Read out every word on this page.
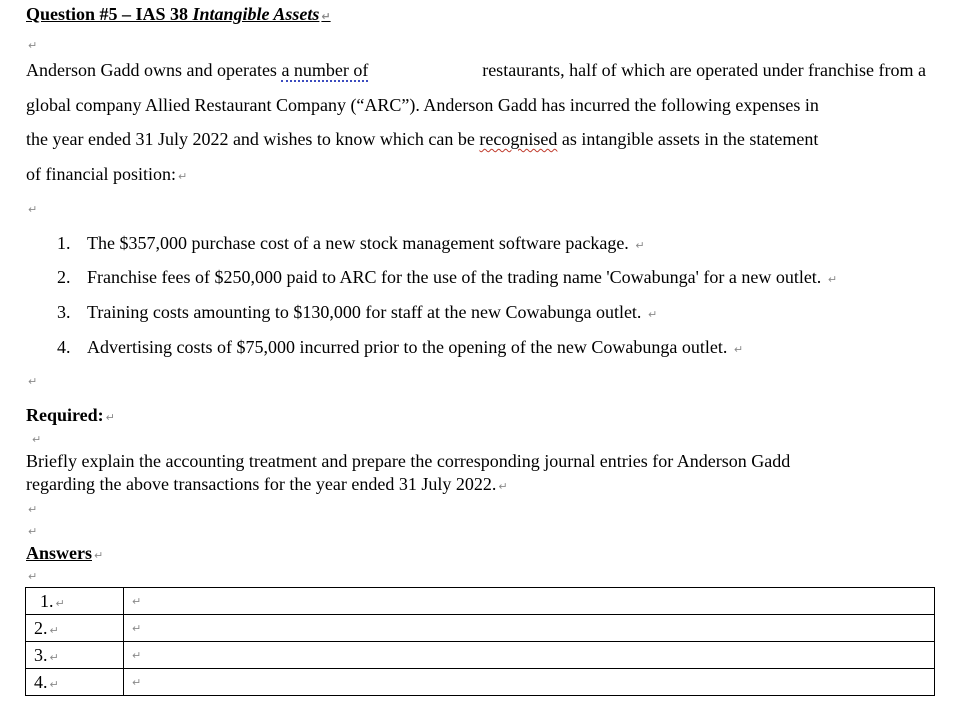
Question #5 – IAS 38 Intangible Assets ↵
↵
Anderson Gadd owns and operates a number of	restaurants, half of which are operated under franchise from a
global company Allied Restaurant Company (“ARC”). Anderson Gadd has incurred the following expenses in
the year ended 31 July 2022 and wishes to know which can be recognised as intangible assets in the statement
of financial position: ↵
↵
1. The $357,000 purchase cost of a new stock management software package. ↵
2. Franchise fees of $250,000 paid to ARC for the use of the trading name 'Cowabunga' for a new outlet. ↵
3. Training costs amounting to $130,000 for staff at the new Cowabunga outlet. ↵
4. Advertising costs of $75,000 incurred prior to the opening of the new Cowabunga outlet. ↵
↵
Required: ↵
↵
Briefly explain the accounting treatment and prepare the corresponding journal entries for Anderson Gadd
regarding the above transactions for the year ended 31 July 2022. ↵
↵
↵
Answers ↵
↵
1. ↵	↵
2. ↵	↵
3. ↵	↵
4. ↵	↵
